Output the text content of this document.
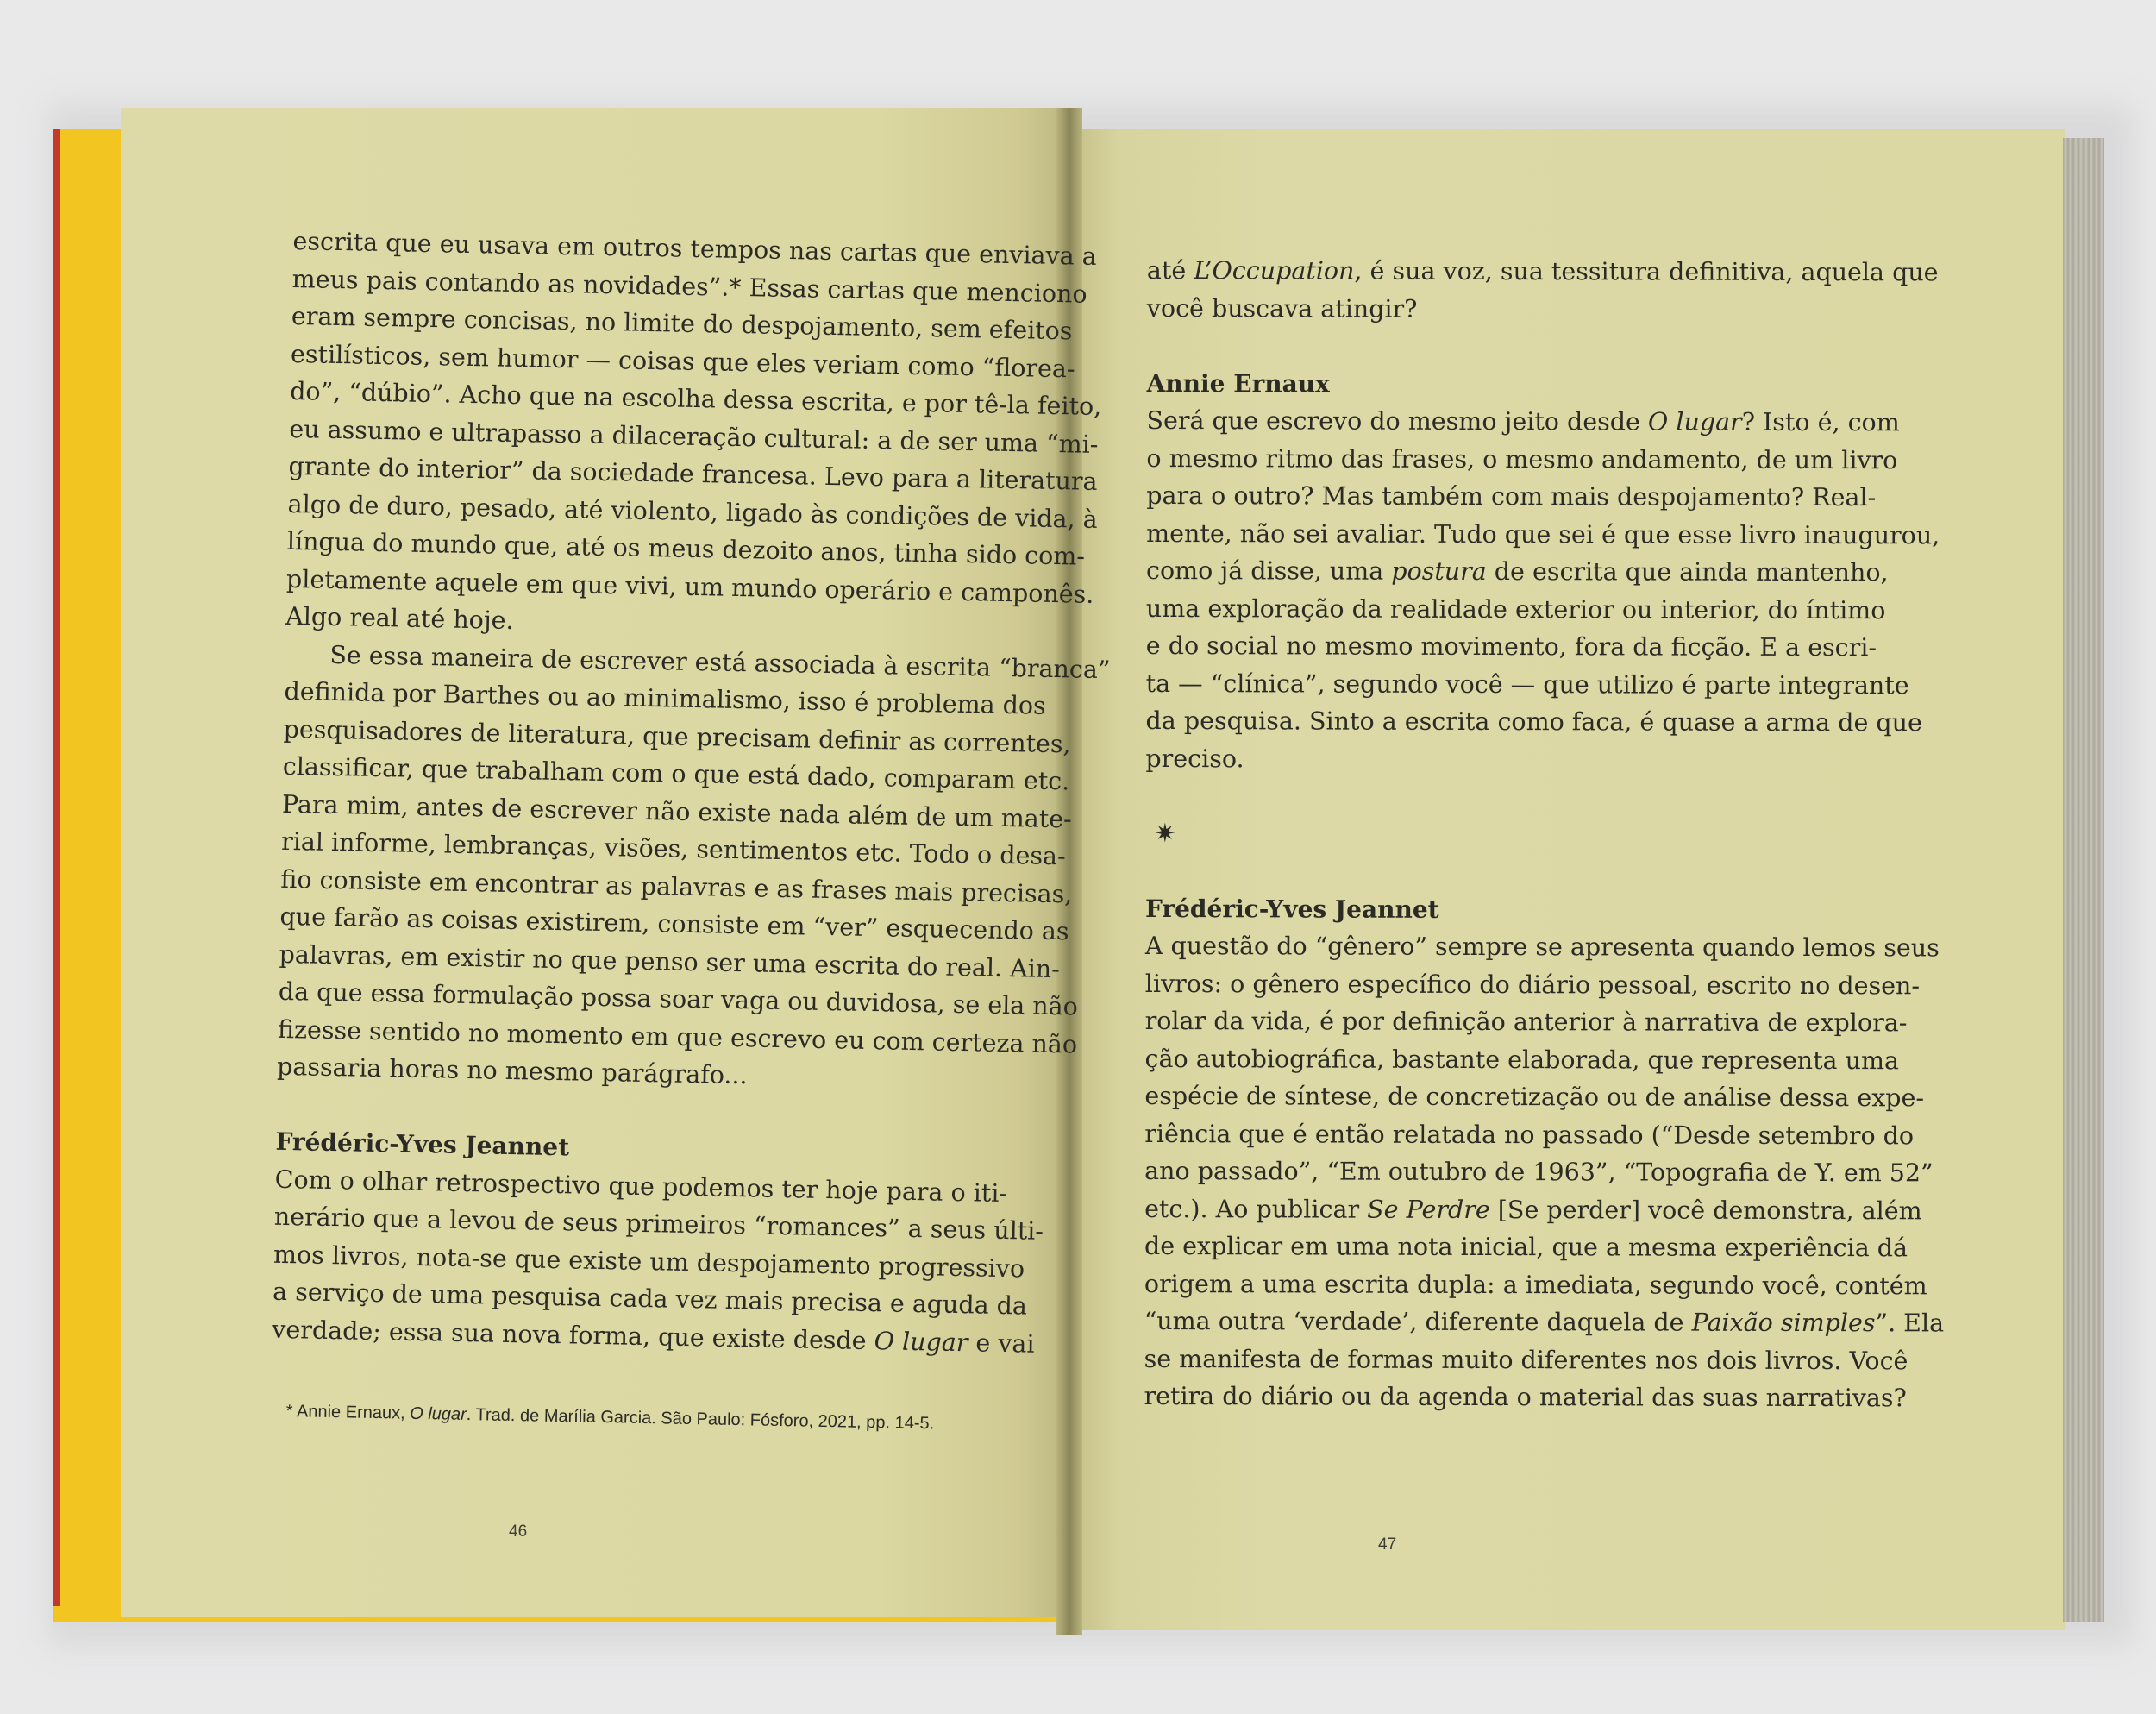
escrita que eu usava em outros tempos nas cartas que enviava a
meus pais contando as novidades”.* Essas cartas que menciono
eram sempre concisas, no limite do despojamento, sem efeitos
estilísticos, sem humor — coisas que eles veriam como “florea-
do”, “dúbio”. Acho que na escolha dessa escrita, e por tê-la feito,
eu assumo e ultrapasso a dilaceração cultural: a de ser uma “mi-
grante do interior” da sociedade francesa. Levo para a literatura
algo de duro, pesado, até violento, ligado às condições de vida, à
língua do mundo que, até os meus dezoito anos, tinha sido com-
pletamente aquele em que vivi, um mundo operário e camponês.
Algo real até hoje.
Se essa maneira de escrever está associada à escrita “branca”
definida por Barthes ou ao minimalismo, isso é problema dos
pesquisadores de literatura, que precisam definir as correntes,
classificar, que trabalham com o que está dado, comparam etc.
Para mim, antes de escrever não existe nada além de um mate-
rial informe, lembranças, visões, sentimentos etc. Todo o desa-
fio consiste em encontrar as palavras e as frases mais precisas,
que farão as coisas existirem, consiste em “ver” esquecendo as
palavras, em existir no que penso ser uma escrita do real. Ain-
da que essa formulação possa soar vaga ou duvidosa, se ela não
fizesse sentido no momento em que escrevo eu com certeza não
passaria horas no mesmo parágrafo...
Frédéric-Yves Jeannet
Com o olhar retrospectivo que podemos ter hoje para o iti-
nerário que a levou de seus primeiros “romances” a seus últi-
mos livros, nota-se que existe um despojamento progressivo
a serviço de uma pesquisa cada vez mais precisa e aguda da
verdade; essa sua nova forma, que existe desde O lugar e vai
* Annie Ernaux, O lugar. Trad. de Marília Garcia. São Paulo: Fósforo, 2021, pp. 14-5.
46
até L’Occupation, é sua voz, sua tessitura definitiva, aquela que
você buscava atingir?
Annie Ernaux
Será que escrevo do mesmo jeito desde O lugar? Isto é, com
o mesmo ritmo das frases, o mesmo andamento, de um livro
para o outro? Mas também com mais despojamento? Real-
mente, não sei avaliar. Tudo que sei é que esse livro inaugurou,
como já disse, uma postura de escrita que ainda mantenho,
uma exploração da realidade exterior ou interior, do íntimo
e do social no mesmo movimento, fora da ficção. E a escri-
ta — “clínica”, segundo você — que utilizo é parte integrante
da pesquisa. Sinto a escrita como faca, é quase a arma de que
preciso.
✷
Frédéric-Yves Jeannet
A questão do “gênero” sempre se apresenta quando lemos seus
livros: o gênero específico do diário pessoal, escrito no desen-
rolar da vida, é por definição anterior à narrativa de explora-
ção autobiográfica, bastante elaborada, que representa uma
espécie de síntese, de concretização ou de análise dessa expe-
riência que é então relatada no passado (“Desde setembro do
ano passado”, “Em outubro de 1963”, “Topografia de Y. em 52”
etc.). Ao publicar Se Perdre [Se perder] você demonstra, além
de explicar em uma nota inicial, que a mesma experiência dá
origem a uma escrita dupla: a imediata, segundo você, contém
“uma outra ‘verdade’, diferente daquela de Paixão simples”. Ela
se manifesta de formas muito diferentes nos dois livros. Você
retira do diário ou da agenda o material das suas narrativas?
47
